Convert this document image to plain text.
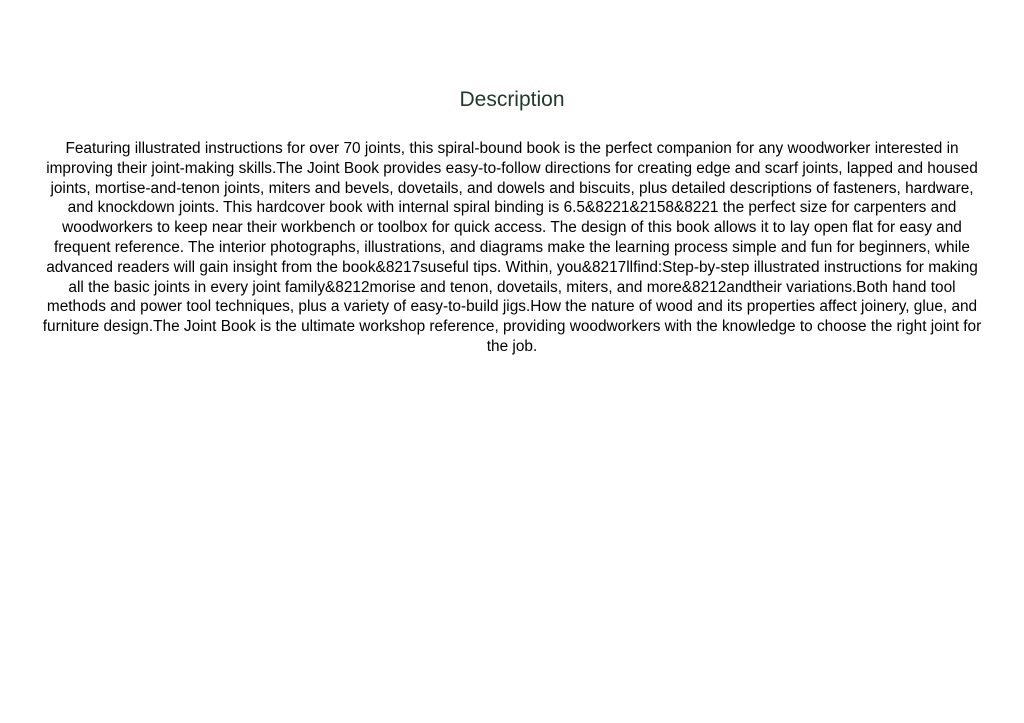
Description

Featuring illustrated instructions for over 70 joints, this spiral-bound book is the perfect companion for any woodworker interested in improving their joint-making skills.The Joint Book provides easy-to-follow directions for creating edge and scarf joints, lapped and housed joints, mortise-and-tenon joints, miters and bevels, dovetails, and dowels and biscuits, plus detailed descriptions of fasteners, hardware, and knockdown joints. This hardcover book with internal spiral binding is 6.5&8221&2158&8221 the perfect size for carpenters and woodworkers to keep near their workbench or toolbox for quick access. The design of this book allows it to lay open flat for easy and frequent reference. The interior photographs, illustrations, and diagrams make the learning process simple and fun for beginners, while advanced readers will gain insight from the book&8217suseful tips. Within, you&8217llfind:Step-by-step illustrated instructions for making all the basic joints in every joint family&8212morise and tenon, dovetails, miters, and more&8212andtheir variations.Both hand tool methods and power tool techniques, plus a variety of easy-to-build jigs.How the nature of wood and its properties affect joinery, glue, and furniture design.The Joint Book is the ultimate workshop reference, providing woodworkers with the knowledge to choose the right joint for the job.
